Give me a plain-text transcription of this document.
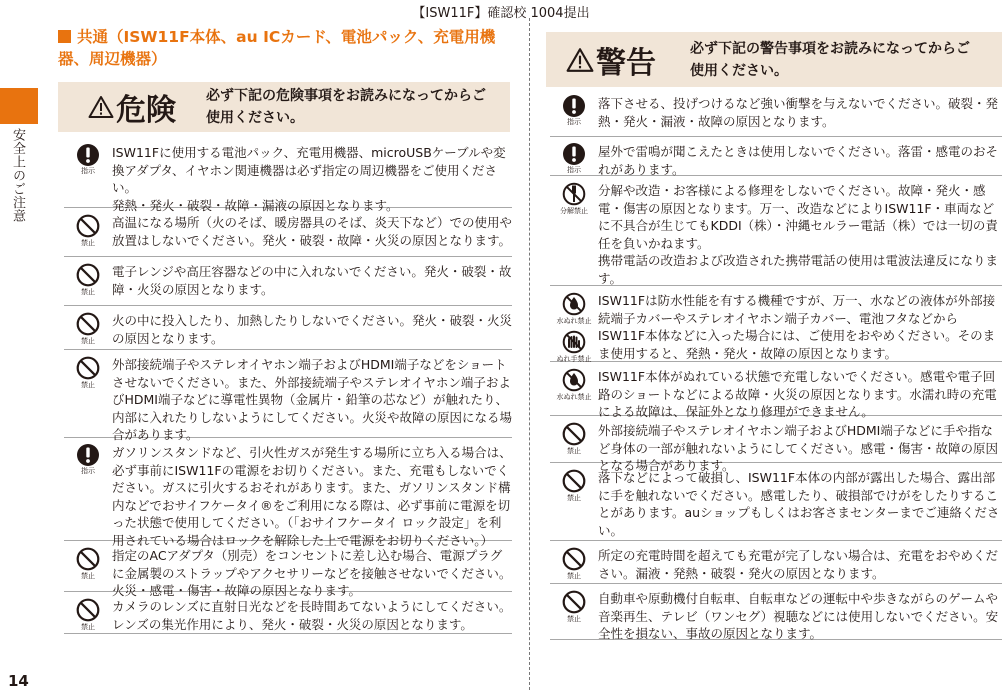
【ISW11F】確認校 1004提出
安全上のご注意
14
共通（ISW11F本体、au ICカード、電池パック、充電用機器、周辺機器）
危険 必ず下記の危険事項をお読みになってからご使用ください。
指示
ISW11Fに使用する電池パック、充電用機器、microUSBケーブルや変換アダプタ、イヤホン関連機器は必ず指定の周辺機器をご使用ください。
発熱・発火・破裂・故障・漏液の原因となります。
禁止
高温になる場所（火のそば、暖房器具のそば、炎天下など）での使用や放置はしないでください。発火・破裂・故障・火災の原因となります。
禁止
電子レンジや高圧容器などの中に入れないでください。発火・破裂・故障・火災の原因となります。
禁止
火の中に投入したり、加熱したりしないでください。発火・破裂・火災の原因となります。
禁止
外部接続端子やステレオイヤホン端子およびHDMI端子などをショートさせないでください。また、外部接続端子やステレオイヤホン端子およびHDMI端子などに導電性異物（金属片・鉛筆の芯など）が触れたり、内部に入れたりしないようにしてください。火災や故障の原因になる場合があります。
指示
ガソリンスタンドなど、引火性ガスが発生する場所に立ち入る場合は、必ず事前にISW11Fの電源をお切りください。また、充電もしないでください。ガスに引火するおそれがあります。また、ガソリンスタンド構内などでおサイフケータイ®をご利用になる際は、必ず事前に電源を切った状態で使用してください。（「おサイフケータイ ロック設定」を利用されている場合はロックを解除した上で電源をお切りください。）
禁止
指定のACアダプタ（別売）をコンセントに差し込む場合、電源プラグに金属製のストラップやアクセサリーなどを接触させないでください。火災・感電・傷害・故障の原因となります。
禁止
カメラのレンズに直射日光などを長時間あてないようにしてください。レンズの集光作用により、発火・破裂・火災の原因となります。
警告 必ず下記の警告事項をお読みになってからご使用ください。
指示
落下させる、投げつけるなど強い衝撃を与えないでください。破裂・発熱・発火・漏液・故障の原因となります。
指示
屋外で雷鳴が聞こえたときは使用しないでください。落雷・感電のおそれがあります。
分解禁止
分解や改造・お客様による修理をしないでください。故障・発火・感電・傷害の原因となります。万一、改造などによりISW11F・車両などに不具合が生じてもKDDI（株）・沖縄セルラー電話（株）では一切の責任を負いかねます。
携帯電話の改造および改造された携帯電話の使用は電波法違反になります。
水ぬれ禁止
ぬれ手禁止
ISW11Fは防水性能を有する機種ですが、万一、水などの液体が外部接続端子カバーやステレオイヤホン端子カバー、電池フタなどからISW11F本体などに入った場合には、ご使用をおやめください。そのまま使用すると、発熱・発火・故障の原因となります。
水ぬれ禁止
ISW11F本体がぬれている状態で充電しないでください。感電や電子回路のショートなどによる故障・火災の原因となります。水濡れ時の充電による故障は、保証外となり修理ができません。
禁止
外部接続端子やステレオイヤホン端子およびHDMI端子などに手や指など身体の一部が触れないようにしてください。感電・傷害・故障の原因となる場合があります。
禁止
落下などによって破損し、ISW11F本体の内部が露出した場合、露出部に手を触れないでください。感電したり、破損部でけがをしたりすることがあります。auショップもしくはお客さまセンターまでご連絡ください。
禁止
所定の充電時間を超えても充電が完了しない場合は、充電をおやめください。漏液・発熱・破裂・発火の原因となります。
禁止
自動車や原動機付自転車、自転車などの運転中や歩きながらのゲームや音楽再生、テレビ（ワンセグ）視聴などには使用しないでください。安全性を損ない、事故の原因となります。
